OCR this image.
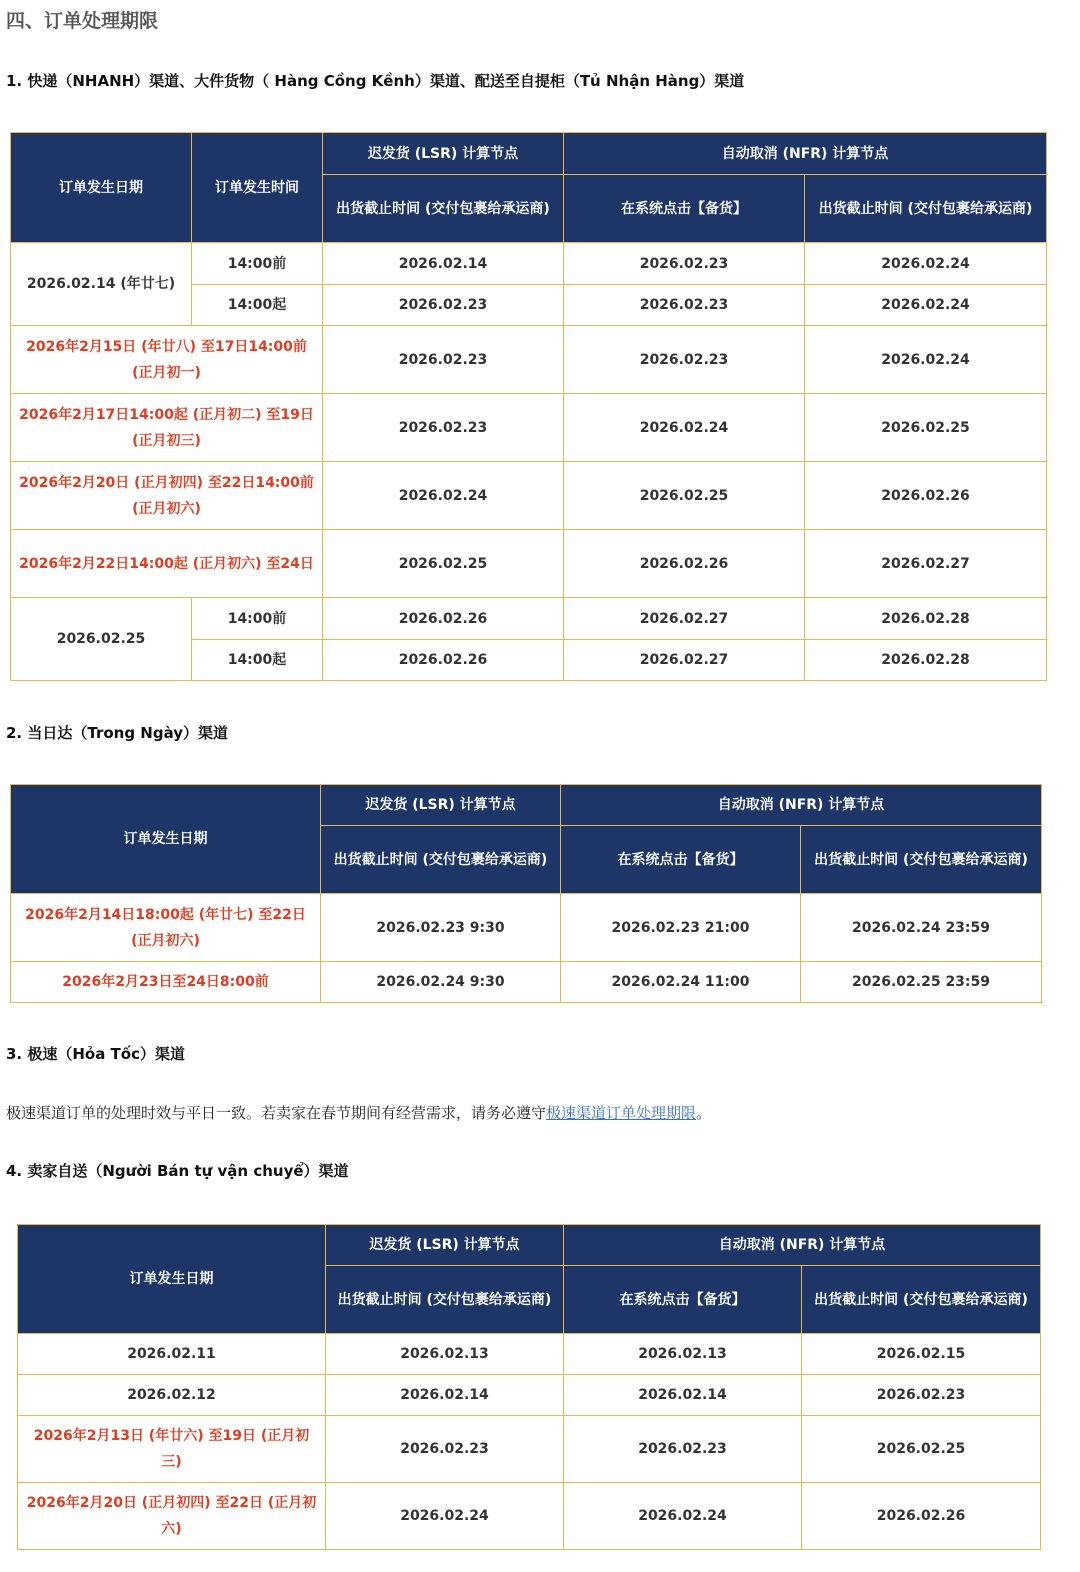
四、订单处理期限
1. 快递（NHANH）渠道、大件货物（ Hàng Cồng Kềnh）渠道、配送至自提柜（Tủ Nhận Hàng）渠道
订单发生日期	订单发生时间	迟发货 (LSR) 计算节点	自动取消 (NFR) 计算节点	
		出货截止时间 (交付包裹给承运商)	在系统点击【备货】	出货截止时间 (交付包裹给承运商)
2026.02.14 (年廿七)	14:00前	2026.02.14	2026.02.23	2026.02.24
	14:00起	2026.02.23	2026.02.23	2026.02.24
2026年2月15日 (年廿八) 至17日14:00前 (正月初一)		2026.02.23	2026.02.23	2026.02.24
2026年2月17日14:00起 (正月初二) 至19日 (正月初三)		2026.02.23	2026.02.24	2026.02.25
2026年2月20日 (正月初四) 至22日14:00前 (正月初六)		2026.02.24	2026.02.25	2026.02.26
2026年2月22日14:00起 (正月初六) 至24日		2026.02.25	2026.02.26	2026.02.27
2026.02.25	14:00前	2026.02.26	2026.02.27	2026.02.28
	14:00起	2026.02.26	2026.02.27	2026.02.28
2. 当日达（Trong Ngày）渠道
订单发生日期	迟发货 (LSR) 计算节点	自动取消 (NFR) 计算节点	
	出货截止时间 (交付包裹给承运商)	在系统点击【备货】	出货截止时间 (交付包裹给承运商)
2026年2月14日18:00起 (年廿七) 至22日 (正月初六)	2026.02.23 9:30	2026.02.23 21:00	2026.02.24 23:59
2026年2月23日至24日8:00前	2026.02.24 9:30	2026.02.24 11:00	2026.02.25 23:59
3. 极速（Hỏa Tốc）渠道

极速渠道订单的处理时效与平日一致。若卖家在春节期间有经营需求，请务必遵守极速渠道订单处理期限。

4. 卖家自送（Người Bán tự vận chuyể）渠道
订单发生日期	迟发货 (LSR) 计算节点	自动取消 (NFR) 计算节点	
	出货截止时间 (交付包裹给承运商)	在系统点击【备货】	出货截止时间 (交付包裹给承运商)
2026.02.11	2026.02.13	2026.02.13	2026.02.15
2026.02.12	2026.02.14	2026.02.14	2026.02.23
2026年2月13日 (年廿六) 至19日 (正月初三)	2026.02.23	2026.02.23	2026.02.25
2026年2月20日 (正月初四) 至22日 (正月初六)	2026.02.24	2026.02.24	2026.02.26
